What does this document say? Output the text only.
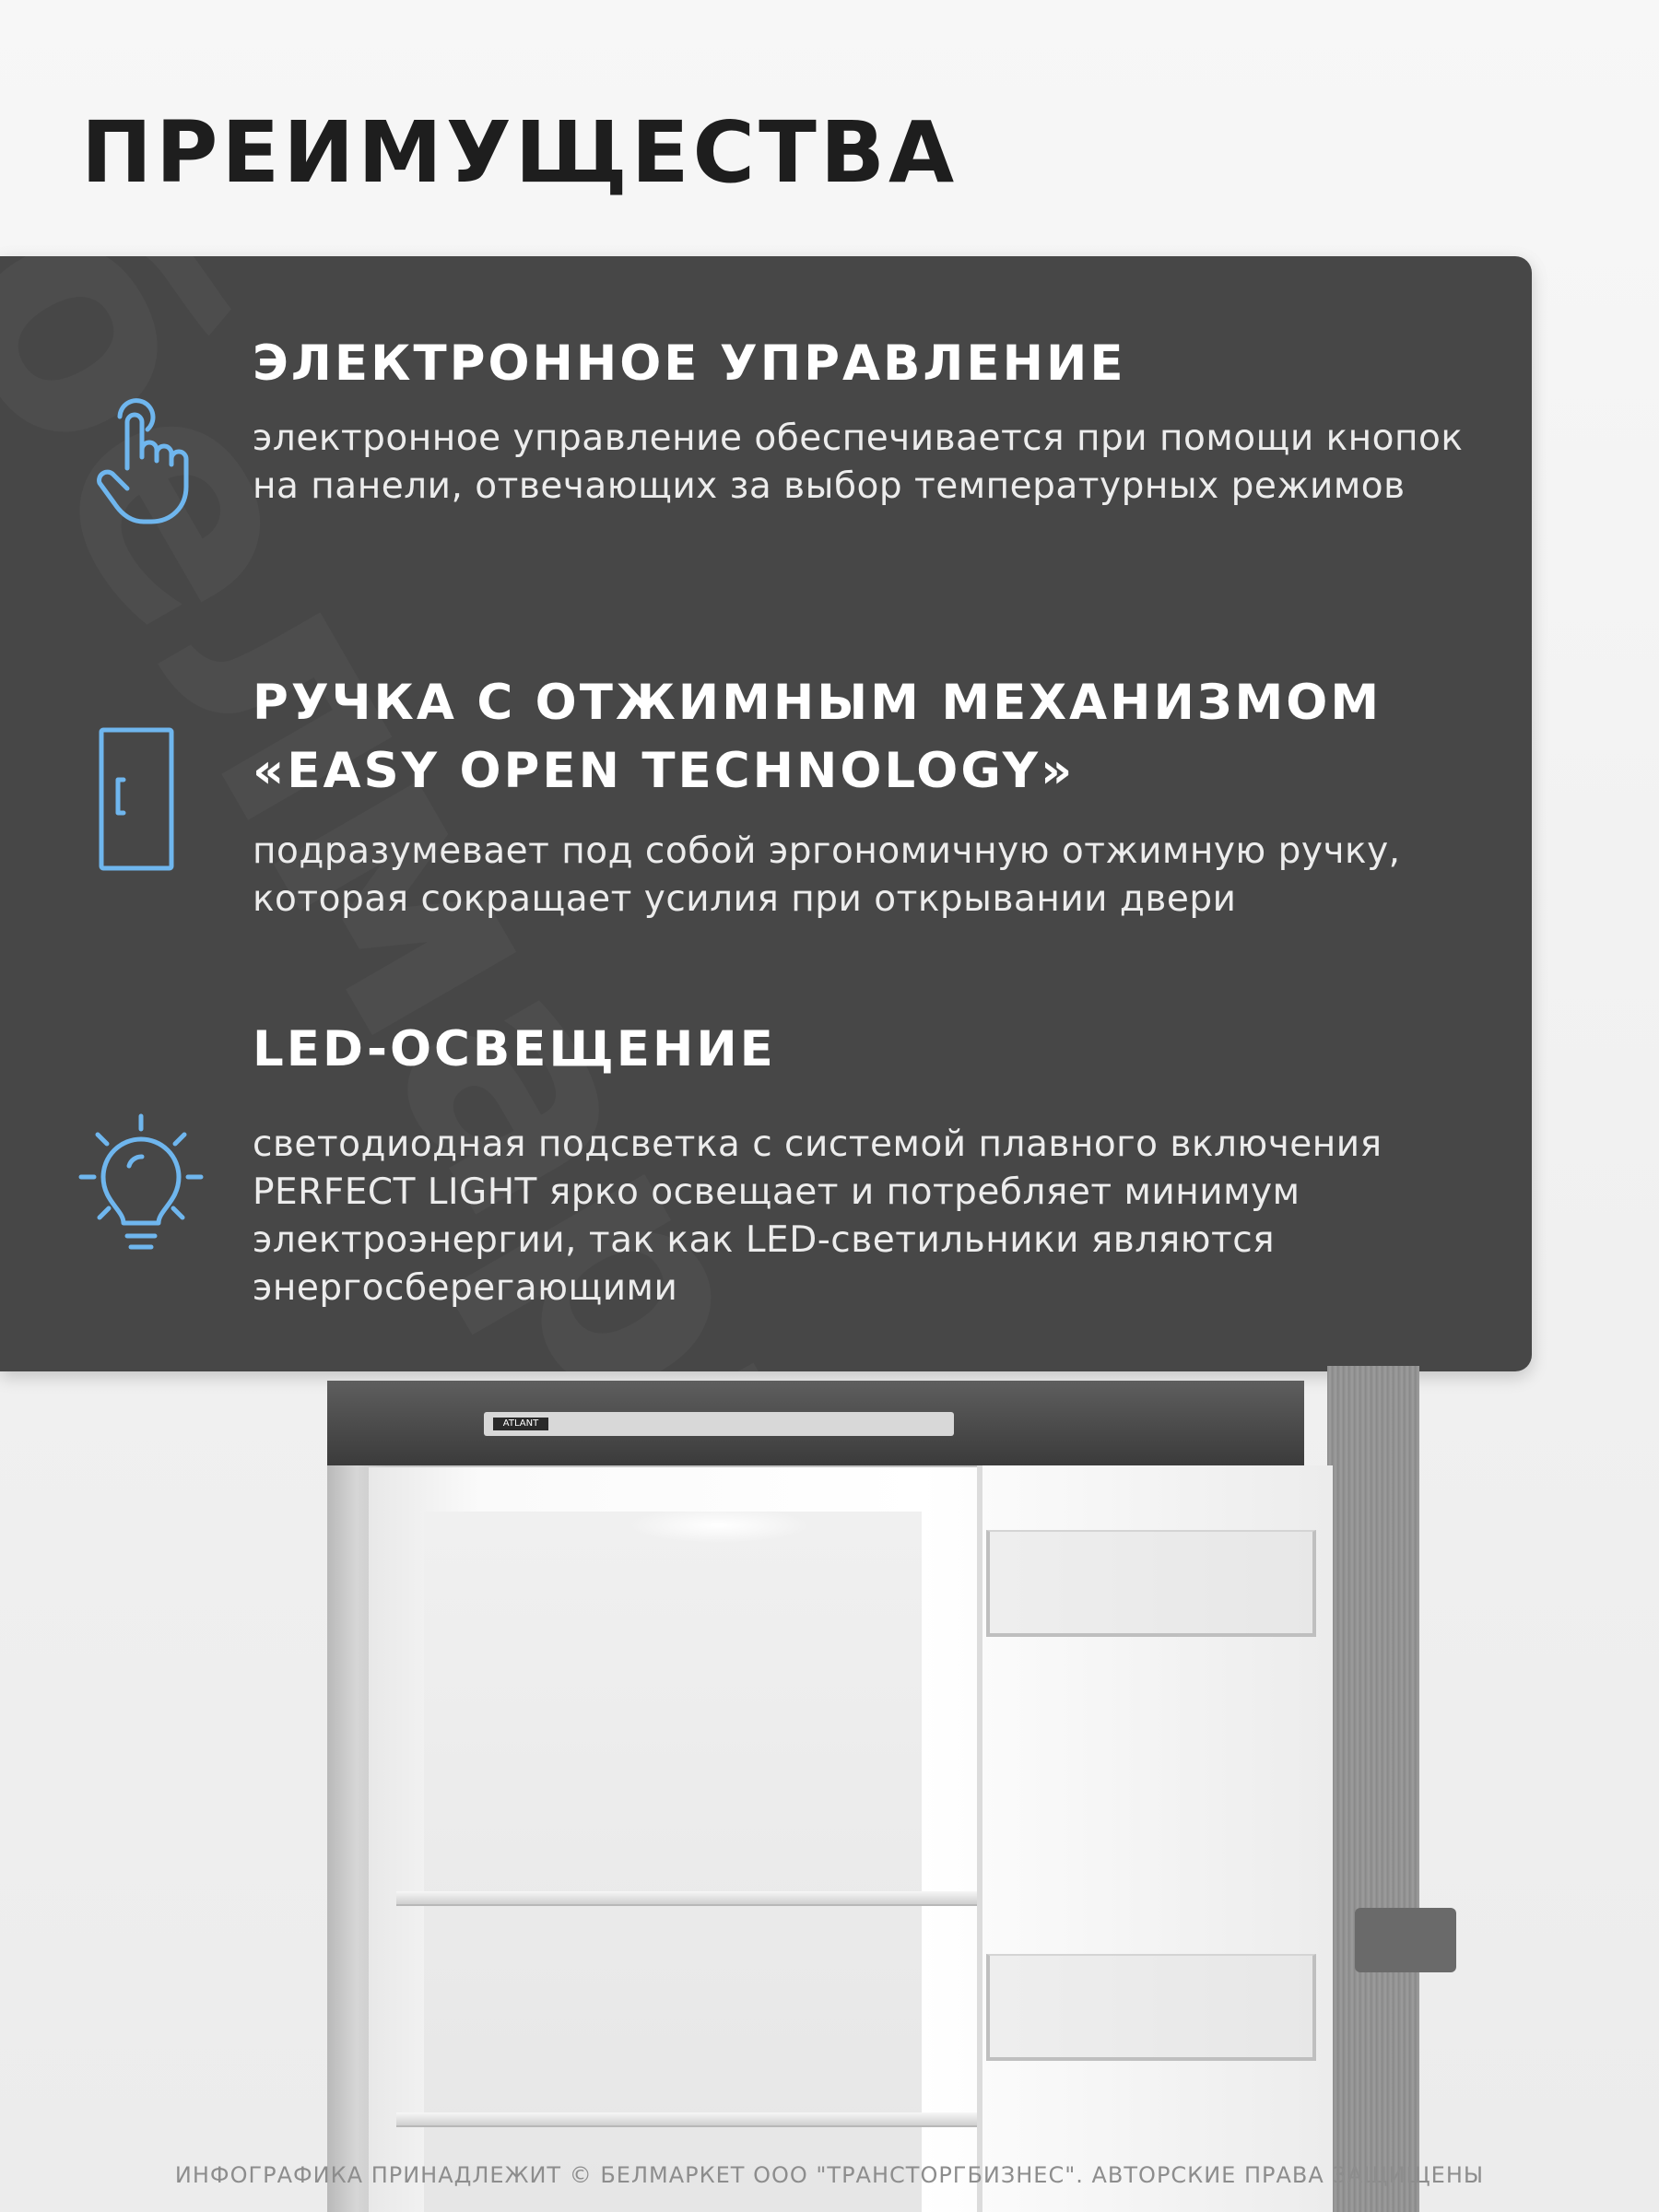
ПРЕИМУЩЕСТВА
ЭЛЕКТРОННОЕ УПРАВЛЕНИЕ

электронное управление обеспечивается при помощи кнопок на панели, отвечающих за выбор температурных режимов

РУЧКА С ОТЖИМНЫМ МЕХАНИЗМОМ
«EASY OPEN TECHNOLOGY»

подразумевает под собой эргономичную отжимную ручку, которая сокращает усилия при открывании двери

LED-ОСВЕЩЕНИЕ

светодиодная подсветка с системой плавного включения PERFECT LIGHT ярко освещает и потребляет минимум электроэнергии, так как LED-светильники являются энергосберегающими

ATLANT
ИНФОГРАФИКА ПРИНАДЛЕЖИТ © БЕЛМАРКЕТ ООО "ТРАНСТОРГБИЗНЕС". АВТОРСКИЕ ПРАВА ЗАЩИЩЕНЫ
